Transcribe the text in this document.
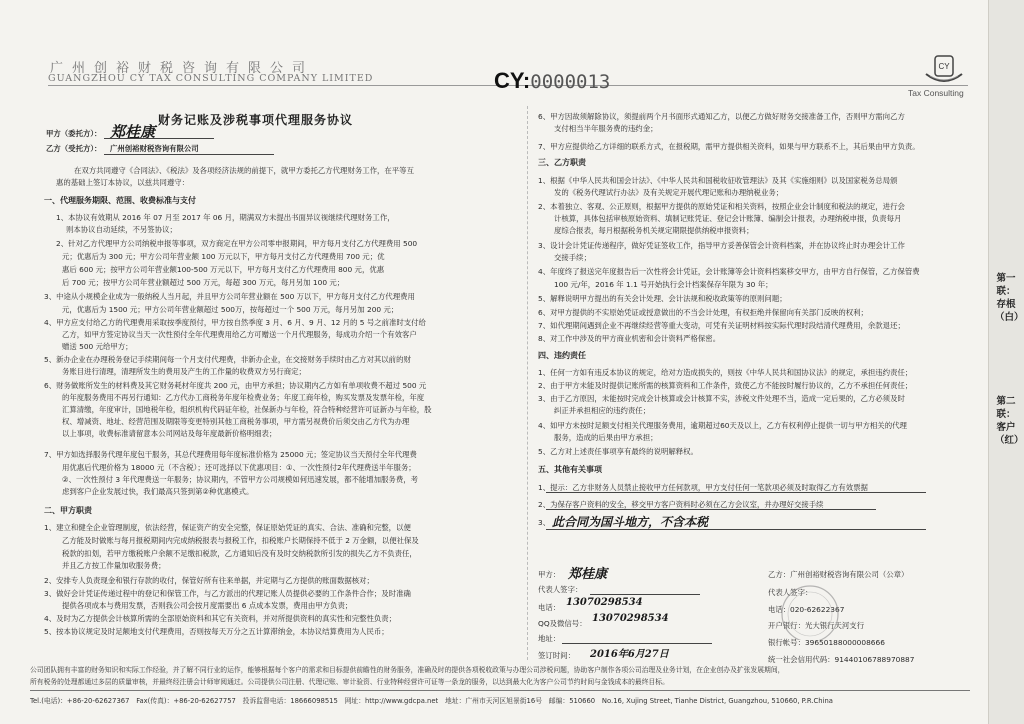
广州创裕财税咨询有限公司
GUANGZHOU CY TAX CONSULTING COMPANY LIMITED	CY:0000013
CY
Tax Consulting
财务记账及涉税事项代理服务协议
甲方（委托方）： 郑桂康
乙方（受托方）： 广州创裕财税咨询有限公司
在双方共同遵守《合同法》、《税法》及各项经济法规的前提下，就甲方委托乙方代理财务工作，在平等互
惠的基础上签订本协议，以兹共同遵守：
一、代理服务期限、范围、收费标准与支付
1、本协议有效期从 2016 年 07 月至 2017 年 06 月，期满双方未提出书面异议视继续代理财务工作，
则本协议自动延续，不另签协议；
2、针对乙方代理甲方公司纳税申报等事项，双方商定在甲方公司零申报期间，甲方每月支付乙方代理费用 500
元；优惠后为 300 元；甲方公司年营业额 100 万元以下，甲方每月支付乙方代理费用 700 元；优
惠后 600 元；按甲方公司年营业额100-500 万元以下，甲方每月支付乙方代理费用 800 元，优惠
后 700 元；按甲方公司年营业额超过 500 万元，每超 300 万元，每月另加 100 元；
3、中途从小规模企业成为一般纳税人当月起，并且甲方公司年营业额在 500 万以下，甲方每月支付乙方代理费用
元，优惠后为 1500 元；甲方公司年营业额超过 500万，按每超过一个 500 万元，每月另加 200 元；
4、甲方应支付给乙方的代理费用采取按季度预付，甲方按自然季度 3 月、6 月、9 月、12 月的 5 号之前准时支付给
乙方，如甲方签定协议当天一次性预付全年代理费用给乙方可赠送一个月代理服务，每成功介绍一个有效客户
赠送 500 元给甲方；
5、新办企业在办理税务登记手续期间每一个月支付代理费，非新办企业，在交接财务手续时由乙方对其以前的财
务账目进行清理，清理所发生的费用及产生的工作量的收费双方另行商定；
6、财务做账所发生的材料费及其它财务耗材年度共 200 元，由甲方承担；协议期内乙方如有单项收费不超过 500 元
的年度服务费用不再另行通知：乙方代办工商税务年度年检费业务；年度工商年检，购买发票及发票年检，年度
汇算清缴，年度审计，国地税年检，组织机构代码证年检，社保新办与年检，符合特种经营许可证新办与年检，股
权、增减资、地址、经营范围及期限等变更特别其他工商税务事项，甲方需另视费价后须交由乙方代为办理
以上事项，收费标准请留意本公司网站及每年度最新价格明细表；
7、甲方如选择服务代理年度包干服务，其总代理费用每年度标准价格为 25000 元；签定协议当天预付全年代理费
用优惠后代理价格为 18000 元（不含税）；还可选择以下优惠项目：①、一次性预付2年代理费送半年服务；
②、一次性预付 3 年代理费送一年服务；协议期内，不管甲方公司规模如何迅速发展，都不能增加服务费，考
虑到客户企业发展过快，我们最高只签到第②种优惠模式。
二、甲方职责
1、建立和健全企业管理制度，依法经营，保证资产的安全完整，保证原始凭证的真实、合法、准确和完整，以便
乙方能及时做账与每月报税期间内完成纳税报表与报税工作，扣税账户长期保持不低于 2 万金额，以便社保及
税款的扣划，若甲方缴税账户余额不足缴扣税款，乙方通知后没有及时交纳税款所引发的损失乙方不负责任，
并且乙方按工作量加收服务费；
2、安排专人负责现金和银行存款的收付，保管好所有往来单据，并定期与乙方提供的账面数据核对；
3、做好会计凭证传递过程中的登记和保管工作，与乙方派出的代理记账人员提供必要的工作条件合作；及时准确
提供各项成本与费用发票，否则我公司会按月度需要出 6 点成本发票，费用由甲方负责；
4、及时为乙方提供会计核算所需的全部原始资料和其它有关资料，并对所提供资料的真实性和完整性负责；
5、按本协议规定及时足额地支付代理费用，否则按每天万分之五计算滞纳金，本协议结算费用为人民币；
6、甲方因故须解除协议，须提前两个月书面形式通知乙方，以便乙方做好财务交接准备工作，否则甲方需向乙方
支付相当半年服务费的违约金；
7、甲方应提供给乙方详细的联系方式，在报税期，需甲方提供相关资料，如果与甲方联系不上，其后果由甲方负责。
三、乙方职责
1、根据《中华人民共和国会计法》、《中华人民共和国税收征收管理法》及其《实施细则》以及国家税务总局颁
发的《税务代理试行办法》及有关规定开展代理记账和办理纳税业务；
2、本着独立、客观、公正原则，根据甲方提供的原始凭证和相关资料，按照企业会计制度和税法的规定，进行会
计核算，具体包括审核原始资料、填制记账凭证、登记会计账簿、编制会计报表，办理纳税申报，负责每月
度综合报表，每月根据税务机关规定期限提供纳税申报资料；
3、设计会计凭证传递程序，做好凭证签收工作，指导甲方妥善保管会计资料档案，并在协议终止时办理会计工作
交接手续；
4、年度终了报送完年度报告后一次性将会计凭证，会计账簿等会计资料档案移交甲方，由甲方自行保管，乙方保管费
100 元/年，2016 年 1.1 号开始执行会计档案保存年限为 30 年；
5、解释说明甲方提出的有关会计处理、会计法规和税收政策等的原则问题；
6、对甲方提供的不实原始凭证或授意做出的不当会计处理，有权拒绝并保留向有关部门反映的权利；
7、如代理期间遇到企业不再继续经营等重大变动，可凭有关证明材料按实际代理时段结清代理费用，余款退还；
8、对工作中涉及的甲方商业机密和会计资料严格保密。
四、违约责任
1、任何一方如有违反本协议的规定，给对方造成损失的，则按《中华人民共和国协议法》的规定，承担违约责任；
2、由于甲方未能及时提供记账所需的核算资料和工作条件，致使乙方不能按时履行协议的，乙方不承担任何责任；
3、由于乙方原因，未能按时完成会计核算或会计核算不实，涉税文件处理不当，造成一定后果的，乙方必须及时
纠正并承担相应的违约责任；
4、如甲方未按时足额支付相关代理服务费用，逾期超过60天及以上，乙方有权利停止提供一切与甲方相关的代理
服务，造成的后果由甲方承担；
5、乙方对上述责任事项享有最终的说明解释权。
五、其他有关事项
1、提示：乙方非财务人员禁止接收甲方任何款项，甲方支付任何一笔款项必须及时取得乙方有效票据
2、为保存客户资料的安全，移交甲方客户资料时必须在乙方会议室，并办理好交接手续
3、 此合同为国斗地方，不含本税
甲方： 郑桂康
代表人签字：
电话： 13070298534
QQ及微信号： 13070298534
地址：
签订时间： 2016年6月27日
乙方：广州创裕财税咨询有限公司（公章）
代表人签字：
电话： 020-62622367
开户银行：光大银行天河支行
银行帐号：39650188000008666
统一社会信用代码：91440106788970887
第一联：存根（白）
第二联：客户（红）
公司团队拥有丰富的财务知识和实际工作经验，并了解不同行业的运作，能够根据每个客户的需求和目标提供前瞻性的财务服务，准确及时的提供各项税收政策与办理公司涉税问题，协助客户制作各项公司治理及业务计划，在企业创办及扩张发展期间，
所有税务的处理都通过多层的质量审核，并最终经注册会计师审阅通过。公司提供公司注册、代理记账、审计验资、行业特种经营许可证等一条龙的服务，以达到最大化为客户公司节约时间与金钱成本的最终目标。
Tel.(电话)：+86-20-62627367　Fax(传真)：+86-20-62627757　投诉监督电话：18666098515　网址：http://www.gdcpa.net　地址：广州市天河区旭景街16号　邮编：510660　No.16, Xujing Street, Tianhe District, Guangzhou, 510660, P.R.China
